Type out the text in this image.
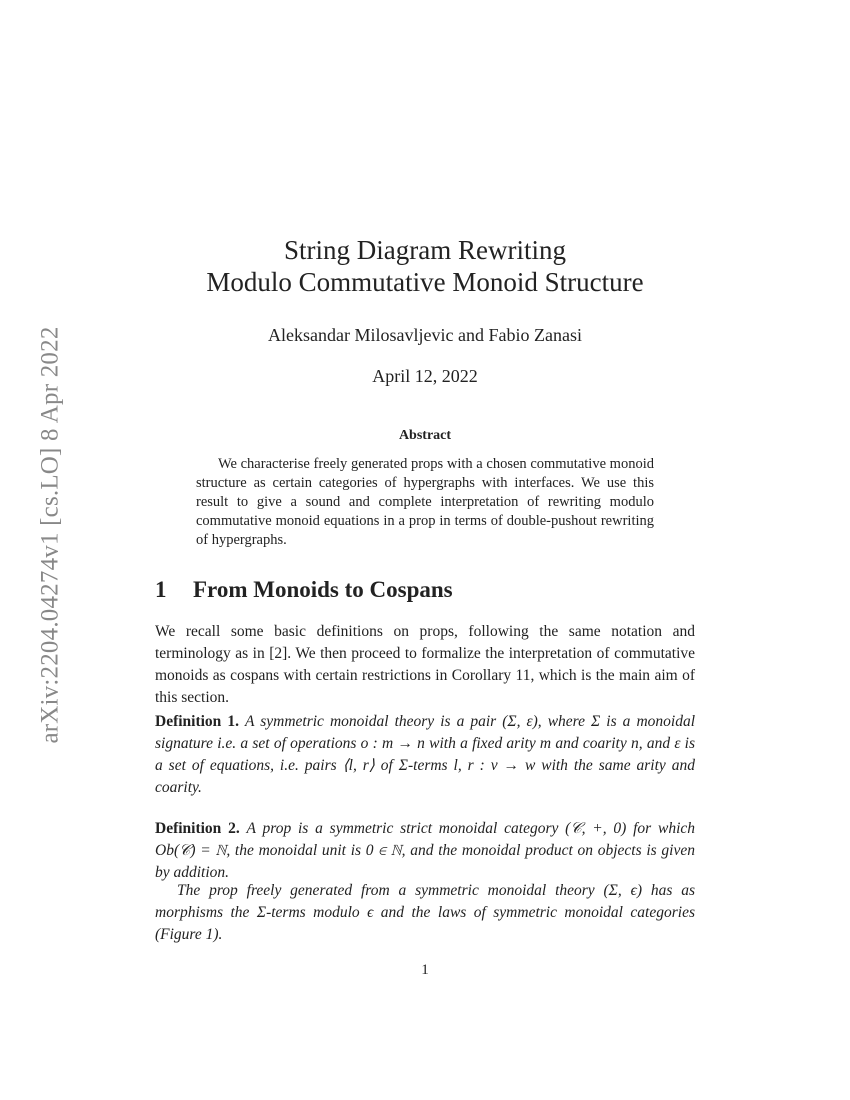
arXiv:2204.04274v1 [cs.LO] 8 Apr 2022
String Diagram Rewriting
Modulo Commutative Monoid Structure
Aleksandar Milosavljevic and Fabio Zanasi
April 12, 2022
Abstract

We characterise freely generated props with a chosen commutative monoid structure as certain categories of hypergraphs with interfaces. We use this result to give a sound and complete interpretation of rewriting modulo commutative monoid equations in a prop in terms of double-pushout rewriting of hypergraphs.

1 From Monoids to Cospans

We recall some basic definitions on props, following the same notation and terminology as in [2]. We then proceed to formalize the interpretation of commutative monoids as cospans with certain restrictions in Corollary 11, which is the main aim of this section.

Definition 1. A symmetric monoidal theory is a pair (Σ, ε), where Σ is a monoidal signature i.e. a set of operations o : m → n with a fixed arity m and coarity n, and ε is a set of equations, i.e. pairs ⟨l, r⟩ of Σ-terms l, r : v → w with the same arity and coarity.

Definition 2. A prop is a symmetric strict monoidal category (𝒞, +, 0) for which Ob(𝒞) = ℕ, the monoidal unit is 0 ∈ ℕ, and the monoidal product on objects is given by addition.

The prop freely generated from a symmetric monoidal theory (Σ, ϵ) has as morphisms the Σ-terms modulo ϵ and the laws of symmetric monoidal categories (Figure 1).

1
